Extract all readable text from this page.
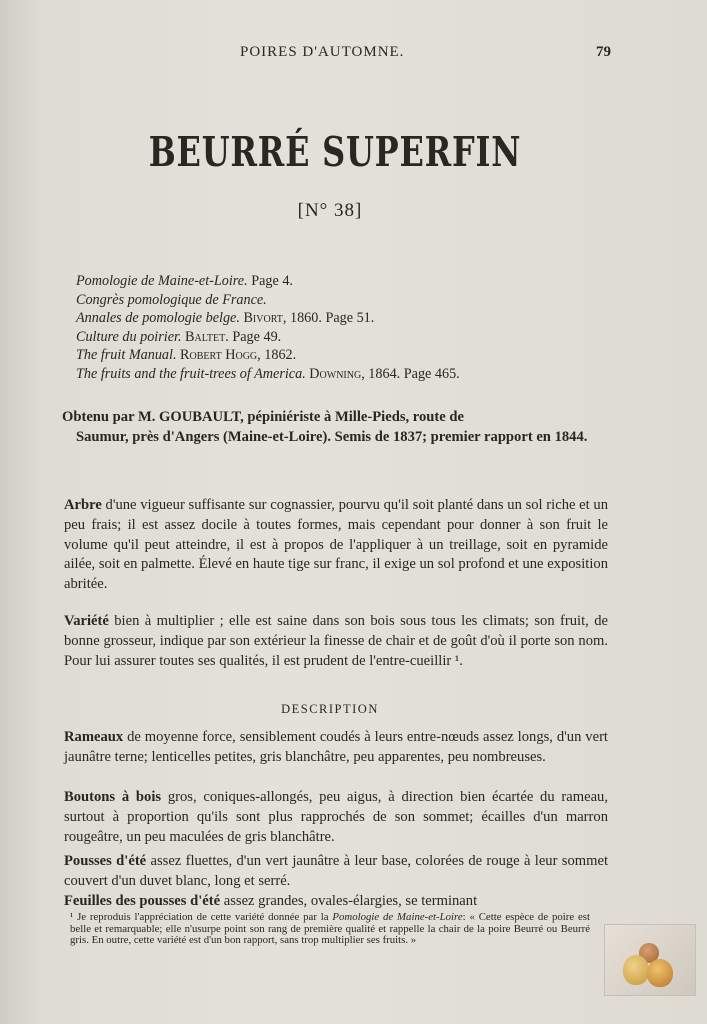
POIRES D'AUTOMNE.	79
BEURRÉ SUPERFIN
[N° 38]
Pomologie de Maine-et-Loire. Page 4.
Congrès pomologique de France.
Annales de pomologie belge. Bivort, 1860. Page 51.
Culture du poirier. Baltet. Page 49.
The fruit Manual. Robert Hogg, 1862.
The fruits and the fruit-trees of America. Downing, 1864. Page 465.
Obtenu par M. GOUBAULT, pépiniériste à Mille-Pieds, route de
Saumur, près d'Angers (Maine-et-Loire). Semis de 1837; premier rapport en 1844.
Arbre d'une vigueur suffisante sur cognassier, pourvu qu'il soit planté dans un sol riche et un peu frais; il est assez docile à toutes formes, mais cependant pour donner à son fruit le volume qu'il peut atteindre, il est à propos de l'appliquer à un treillage, soit en pyramide ailée, soit en palmette. Élevé en haute tige sur franc, il exige un sol profond et une exposition abritée.
Variété bien à multiplier ; elle est saine dans son bois sous tous les climats; son fruit, de bonne grosseur, indique par son extérieur la finesse de chair et de goût d'où il porte son nom. Pour lui assurer toutes ses qualités, il est prudent de l'entre-cueillir ¹.
DESCRIPTION
Rameaux de moyenne force, sensiblement coudés à leurs entre-nœuds assez longs, d'un vert jaunâtre terne; lenticelles petites, gris blanchâtre, peu apparentes, peu nombreuses.
Boutons à bois gros, coniques-allongés, peu aigus, à direction bien écartée du rameau, surtout à proportion qu'ils sont plus rapprochés de son sommet; écailles d'un marron rougeâtre, un peu maculées de gris blanchâtre.
Pousses d'été assez fluettes, d'un vert jaunâtre à leur base, colorées de rouge à leur sommet couvert d'un duvet blanc, long et serré.
Feuilles des pousses d'été assez grandes, ovales-élargies, se terminant
¹ Je reproduis l'appréciation de cette variété donnée par la Pomologie de Maine-et-Loire: « Cette espèce de poire est belle et remarquable; elle n'usurpe point son rang de première qualité et rappelle la chair de la poire Beurré ou Beurré gris. En outre, cette variété est d'un bon rapport, sans trop multiplier ses fruits. »
